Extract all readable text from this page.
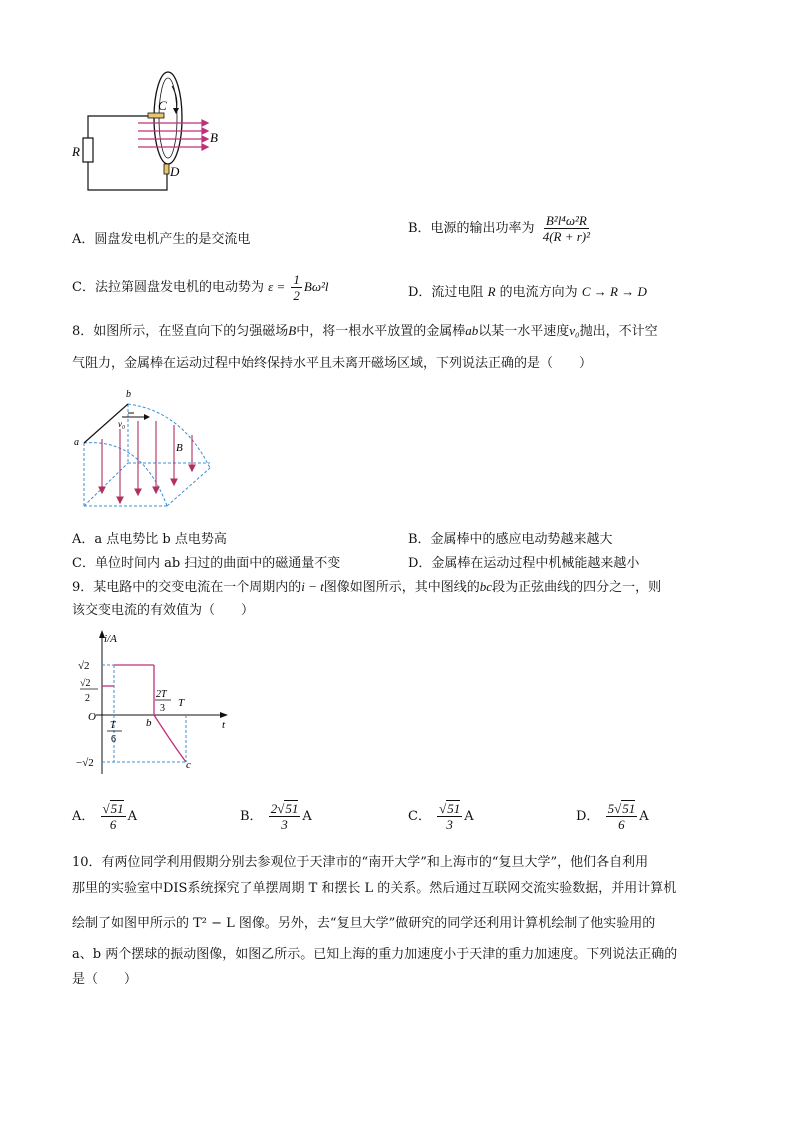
C
D
R
B
A．圆盘发电机产生的是交流电
B．电源的输出功率为 $\frac{\text{B²l⁴ω²R}}{\text{4(R + r)²}}$
C．法拉第圆盘发电机的电动势为 $\varepsilon = \frac{1}{2} B\omega^2l$	D．流过电阻 R 的电流方向为 C → R → D
8．如图所示，在竖直向下的匀强磁场B中，将一根水平放置的金属棒ab以某一水平速度v₀抛出，不计空
气阻力，金属棒在运动过程中始终保持水平且未离开磁场区域，下列说法正确的是（　　）
a
b
v₀
B
A．a 点电势比 b 点电势高	B．金属棒中的感应电动势越来越大
C．单位时间内 ab 扫过的曲面中的磁通量不变	D．金属棒在运动过程中机械能越来越小
9．某电路中的交变电流在一个周期内的i − t图像如图所示，其中图线的bc段为正弦曲线的四分之一，则
该交变电流的有效值为（　　）
i/A
t
O
√2
√2
2
−√2
T
6
b
2T
3 T
c
A． $\frac{√51}{6}$ A	B． $\frac{2√51}{3}$ A	C． $\frac{√51}{3}$ A	D． $\frac{5√51}{6}$ A
10．有两位同学利用假期分别去参观位于天津市的“南开大学”和上海市的“复旦大学”，他们各自利用
那里的实验室中DIS系统探究了单摆周期 T 和摆长 L 的关系。然后通过互联网交流实验数据，并用计算机
绘制了如图甲所示的 T² − L 图像。另外，去“复旦大学”做研究的同学还利用计算机绘制了他实验用的
a、b 两个摆球的振动图像，如图乙所示。已知上海的重力加速度小于天津的重力加速度。下列说法正确的
是（　　）
